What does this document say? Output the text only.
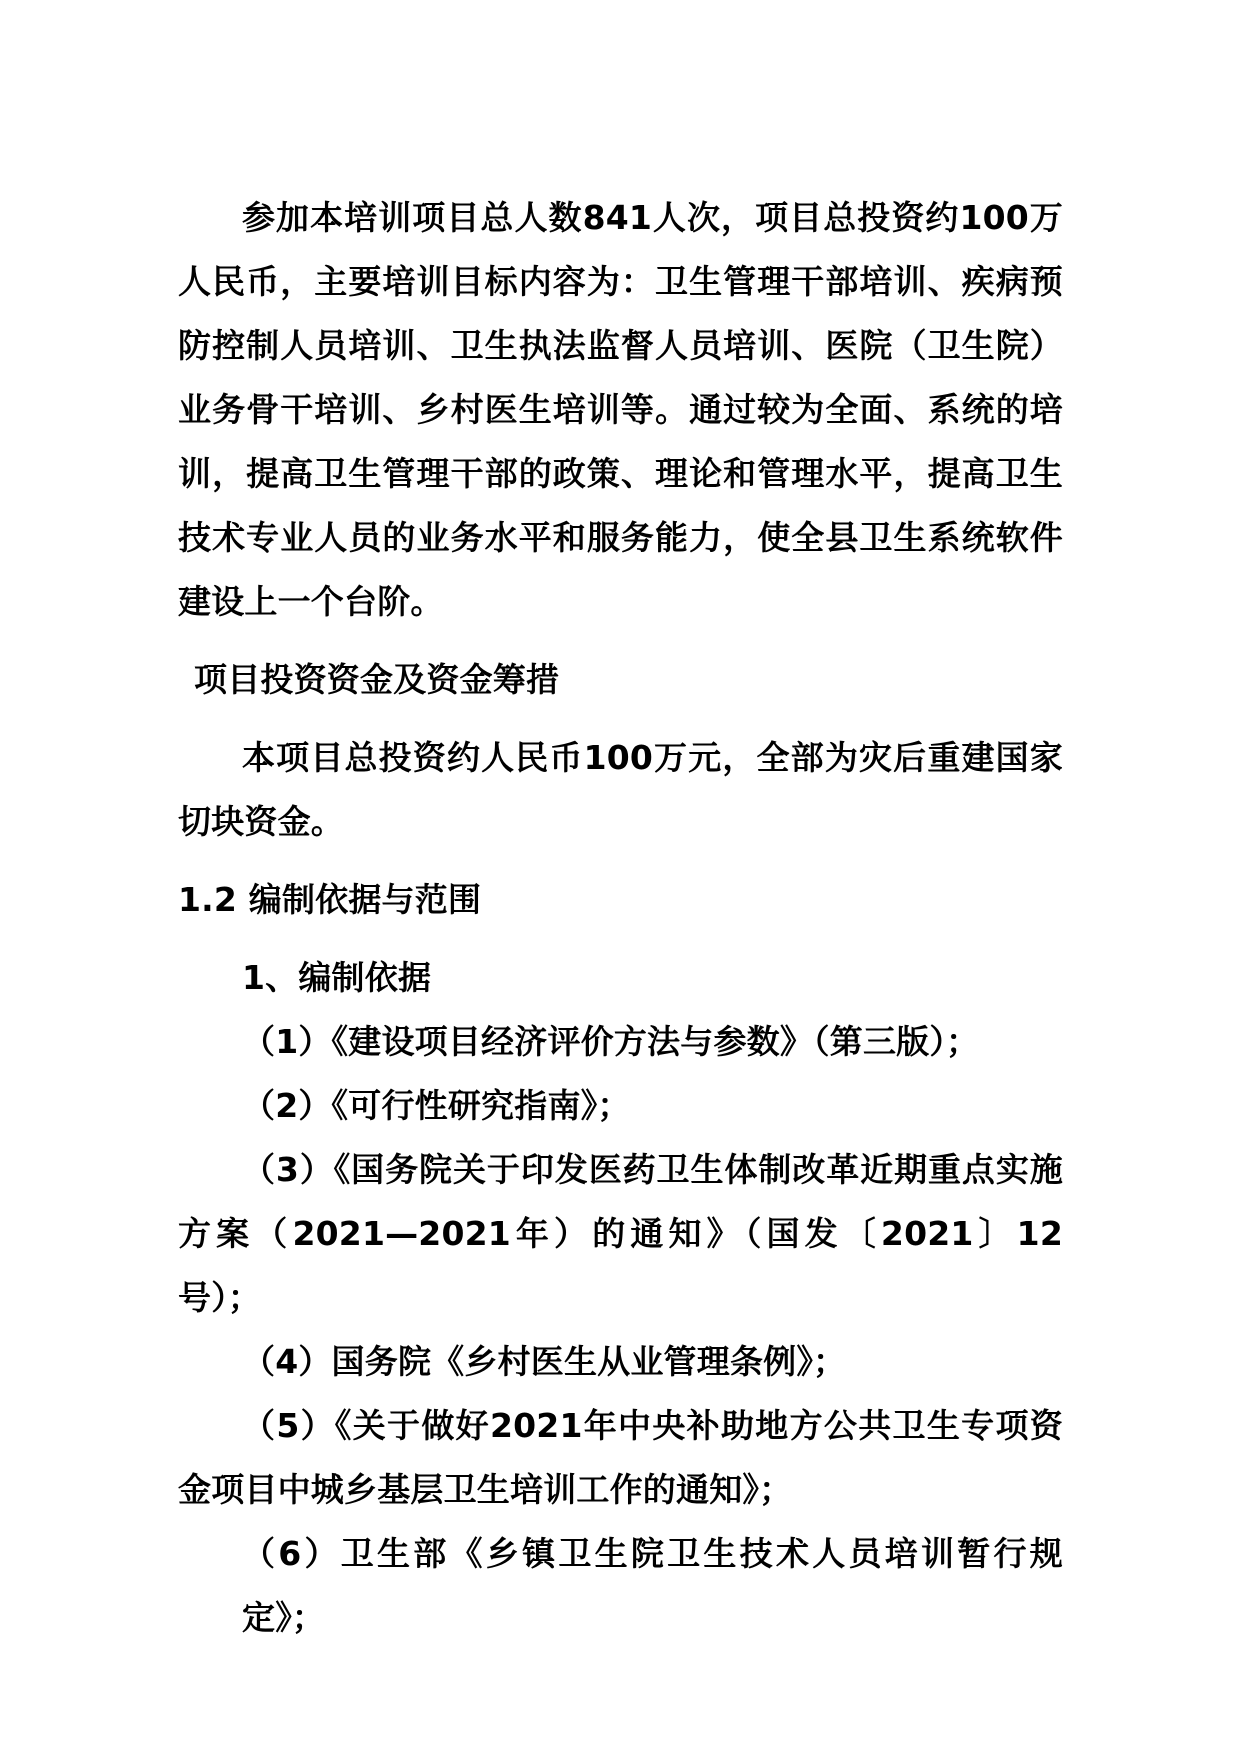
参加本培训项目总人数841人次，项目总投资约100万人民币，主要培训目标内容为：卫生管理干部培训、疾病预防控制人员培训、卫生执法监督人员培训、医院（卫生院）业务骨干培训、乡村医生培训等。通过较为全面、系统的培训，提高卫生管理干部的政策、理论和管理水平，提高卫生技术专业人员的业务水平和服务能力，使全县卫生系统软件建设上一个台阶。

项目投资资金及资金筹措

本项目总投资约人民币100万元，全部为灾后重建国家切块资金。

1.2 编制依据与范围

1、编制依据

（1）《建设项目经济评价方法与参数》（第三版）；

（2）《可行性研究指南》；

（3）《国务院关于印发医药卫生体制改革近期重点实施方案（2021—2021年）的通知》（国发〔2021〕12号）；

（4）国务院《乡村医生从业管理条例》；

（5）《关于做好2021年中央补助地方公共卫生专项资金项目中城乡基层卫生培训工作的通知》；

（6）卫生部《乡镇卫生院卫生技术人员培训暂行规定》；
